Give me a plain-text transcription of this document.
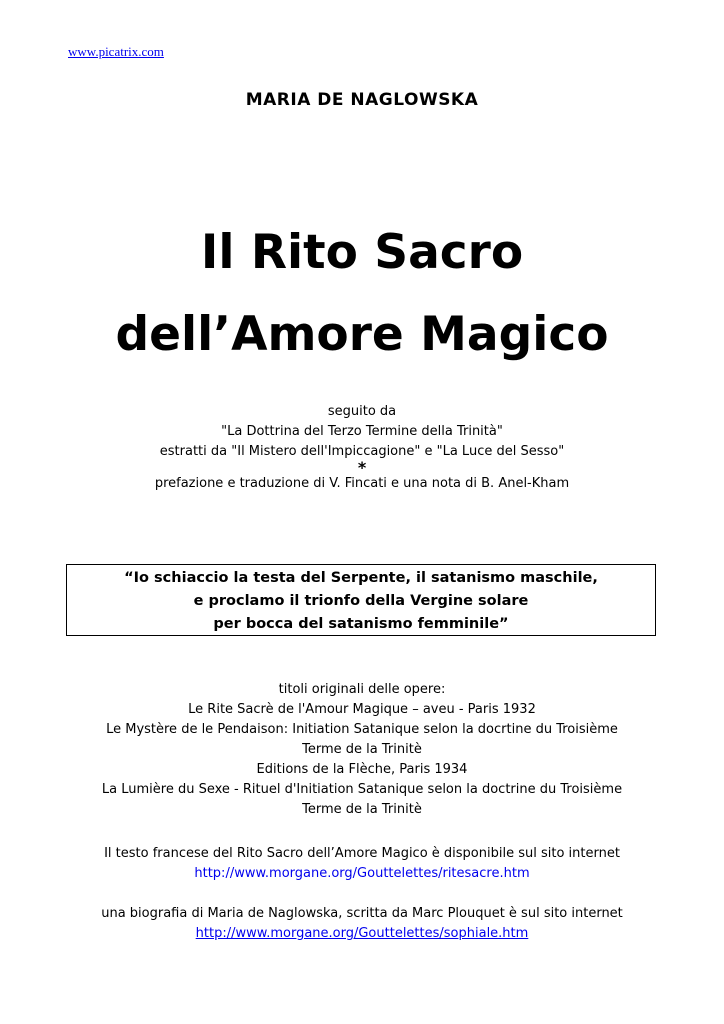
www.picatrix.com
MARIA DE NAGLOWSKA
Il Rito Sacro
dell’Amore Magico
seguito da
"La Dottrina del Terzo Termine della Trinità"
estratti da "Il Mistero dell'Impiccagione" e "La Luce del Sesso"
*
prefazione e traduzione di V. Fincati e una nota di B. Anel-Kham
“Io schiaccio la testa del Serpente, il satanismo maschile,
e proclamo il trionfo della Vergine solare
per bocca del satanismo femminile”
titoli originali delle opere:
Le Rite Sacrè de l'Amour Magique – aveu - Paris 1932
Le Mystère de le Pendaison: Initiation Satanique selon la docrtine du Troisième
Terme de la Trinitè
Editions de la Flèche, Paris 1934
La Lumière du Sexe - Rituel d'Initiation Satanique selon la doctrine du Troisième
Terme de la Trinitè
Il testo francese del Rito Sacro dell’Amore Magico è disponibile sul sito internet
http://www.morgane.org/Gouttelettes/ritesacre.htm
una biografia di Maria de Naglowska, scritta da Marc Plouquet è sul sito internet
http://www.morgane.org/Gouttelettes/sophiale.htm
